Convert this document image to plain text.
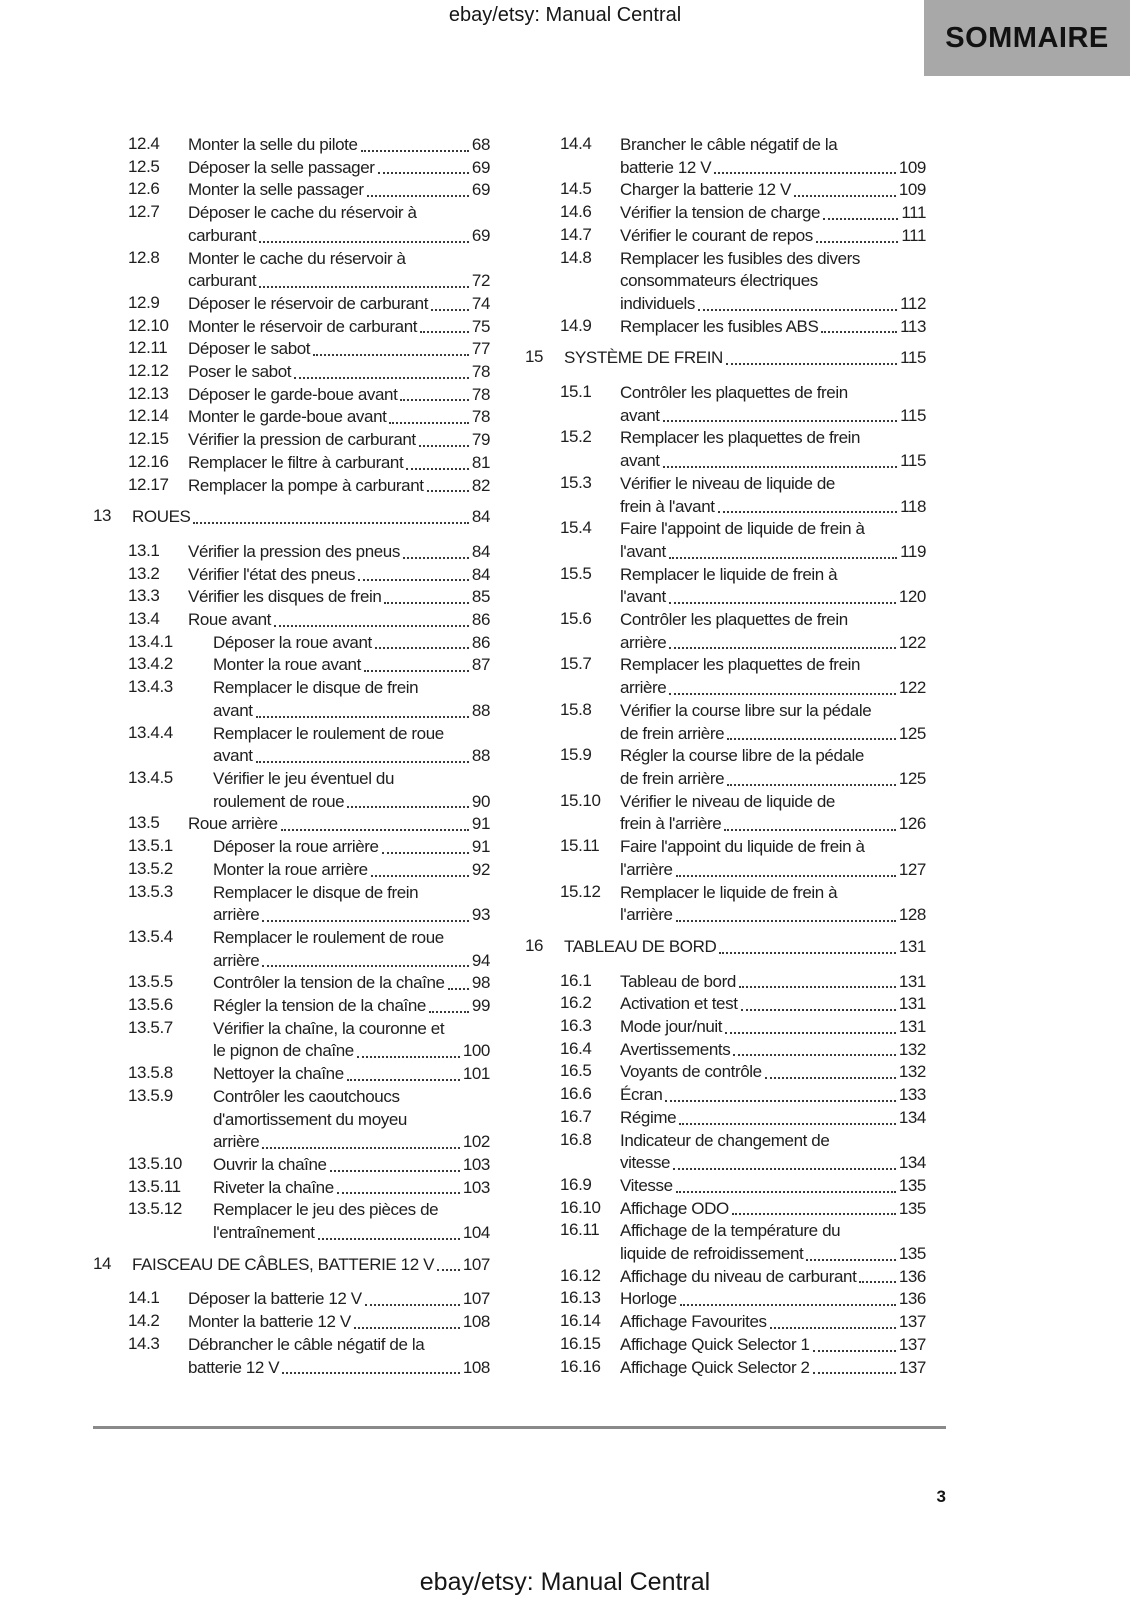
ebay/etsy: Manual Central
SOMMAIRE
12.4	Monter la selle du pilote	68
12.5	Déposer la selle passager	69
12.6	Monter la selle passager	69
12.7	Déposer le cache du réservoir à
carburant	69
12.8	Monter le cache du réservoir à
carburant	72
12.9	Déposer le réservoir de carburant	74
12.10	Monter le réservoir de carburant	75
12.11	Déposer le sabot	77
12.12	Poser le sabot	78
12.13	Déposer le garde-boue avant	78
12.14	Monter le garde-boue avant	78
12.15	Vérifier la pression de carburant	79
12.16	Remplacer le filtre à carburant	81
12.17	Remplacer la pompe à carburant	82
13	ROUES	84
13.1	Vérifier la pression des pneus	84
13.2	Vérifier l'état des pneus	84
13.3	Vérifier les disques de frein	85
13.4	Roue avant	86
13.4.1	Déposer la roue avant	86
13.4.2	Monter la roue avant	87
13.4.3	Remplacer le disque de frein
avant	88
13.4.4	Remplacer le roulement de roue
avant	88
13.4.5	Vérifier le jeu éventuel du
roulement de roue	90
13.5	Roue arrière	91
13.5.1	Déposer la roue arrière	91
13.5.2	Monter la roue arrière	92
13.5.3	Remplacer le disque de frein
arrière	93
13.5.4	Remplacer le roulement de roue
arrière	94
13.5.5	Contrôler la tension de la chaîne 98
13.5.6	Régler la tension de la chaîne	99
13.5.7	Vérifier la chaîne, la couronne et
le pignon de chaîne	100
13.5.8	Nettoyer la chaîne	101
13.5.9	Contrôler les caoutchoucs
d'amortissement du moyeu
arrière	102
13.5.10	Ouvrir la chaîne	103
13.5.11	Riveter la chaîne	103
13.5.12	Remplacer le jeu des pièces de
l'entraînement	104
14	FAISCEAU DE CÂBLES, BATTERIE 12 V 107
14.1	Déposer la batterie 12 V	107
14.2	Monter la batterie 12 V	108
14.3	Débrancher le câble négatif de la
batterie 12 V	108
14.4	Brancher le câble négatif de la
batterie 12 V	109
14.5	Charger la batterie 12 V	109
14.6	Vérifier la tension de charge	111
14.7	Vérifier le courant de repos	111
14.8	Remplacer les fusibles des divers
consommateurs électriques
individuels	112
14.9	Remplacer les fusibles ABS	113
15	SYSTÈME DE FREIN	115
15.1	Contrôler les plaquettes de frein
avant	115
15.2	Remplacer les plaquettes de frein
avant	115
15.3	Vérifier le niveau de liquide de
frein à l'avant	118
15.4	Faire l'appoint de liquide de frein à
l'avant	119
15.5	Remplacer le liquide de frein à
l'avant	120
15.6	Contrôler les plaquettes de frein
arrière	122
15.7	Remplacer les plaquettes de frein
arrière	122
15.8	Vérifier la course libre sur la pédale
de frein arrière	125
15.9	Régler la course libre de la pédale
de frein arrière	125
15.10	Vérifier le niveau de liquide de
frein à l'arrière	126
15.11	Faire l'appoint du liquide de frein à
l'arrière	127
15.12	Remplacer le liquide de frein à
l'arrière	128
16	TABLEAU DE BORD	131
16.1	Tableau de bord	131
16.2	Activation et test	131
16.3	Mode jour/nuit	131
16.4	Avertissements	132
16.5	Voyants de contrôle	132
16.6	Écran	133
16.7	Régime	134
16.8	Indicateur de changement de
vitesse	134
16.9	Vitesse	135
16.10	Affichage ODO	135
16.11	Affichage de la température du
liquide de refroidissement	135
16.12	Affichage du niveau de carburant 136
16.13	Horloge	136
16.14	Affichage Favourites	137
16.15	Affichage Quick Selector 1	137
16.16	Affichage Quick Selector 2	137
3
ebay/etsy: Manual Central
